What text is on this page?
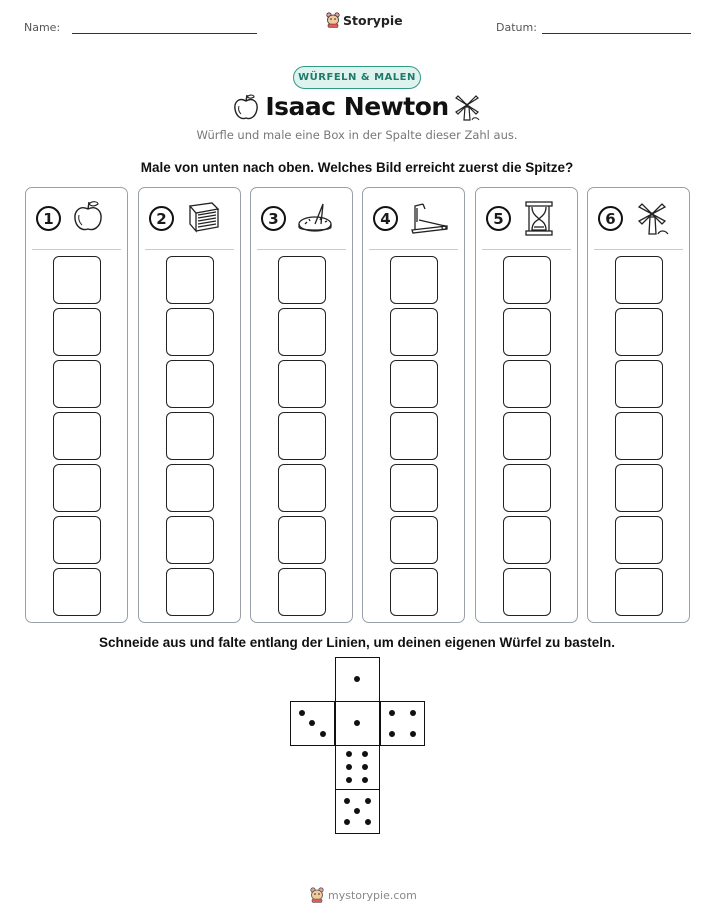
Name:	Storypie	Datum:
WÜRFELN & MALEN
Isaac Newton
Würfle und male eine Box in der Spalte dieser Zahl aus.
Male von unten nach oben. Welches Bild erreicht zuerst die Spitze?
1	2	3	4	5	6
Schneide aus und falte entlang der Linien, um deinen eigenen Würfel zu basteln.
mystorypie.com
